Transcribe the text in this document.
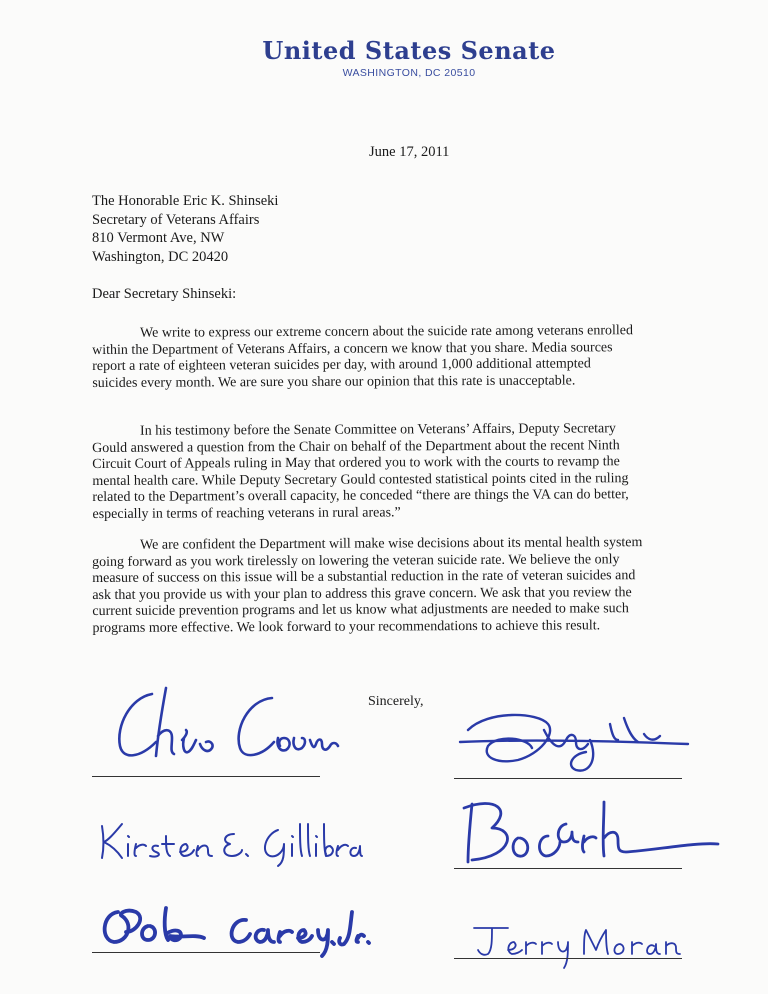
United States Senate
WASHINGTON, DC 20510
June 17, 2011
The Honorable Eric K. Shinseki
Secretary of Veterans Affairs
810 Vermont Ave, NW
Washington, DC 20420
Dear Secretary Shinseki:
We write to express our extreme concern about the suicide rate among veterans enrolled
within the Department of Veterans Affairs, a concern we know that you share. Media sources
report a rate of eighteen veteran suicides per day, with around 1,000 additional attempted
suicides every month. We are sure you share our opinion that this rate is unacceptable.
In his testimony before the Senate Committee on Veterans’ Affairs, Deputy Secretary
Gould answered a question from the Chair on behalf of the Department about the recent Ninth
Circuit Court of Appeals ruling in May that ordered you to work with the courts to revamp the
mental health care. While Deputy Secretary Gould contested statistical points cited in the ruling
related to the Department’s overall capacity, he conceded “there are things the VA can do better,
especially in terms of reaching veterans in rural areas.”
We are confident the Department will make wise decisions about its mental health system
going forward as you work tirelessly on lowering the veteran suicide rate. We believe the only
measure of success on this issue will be a substantial reduction in the rate of veteran suicides and
ask that you provide us with your plan to address this grave concern. We ask that you review the
current suicide prevention programs and let us know what adjustments are needed to make such
programs more effective. We look forward to your recommendations to achieve this result.
Sincerely,
